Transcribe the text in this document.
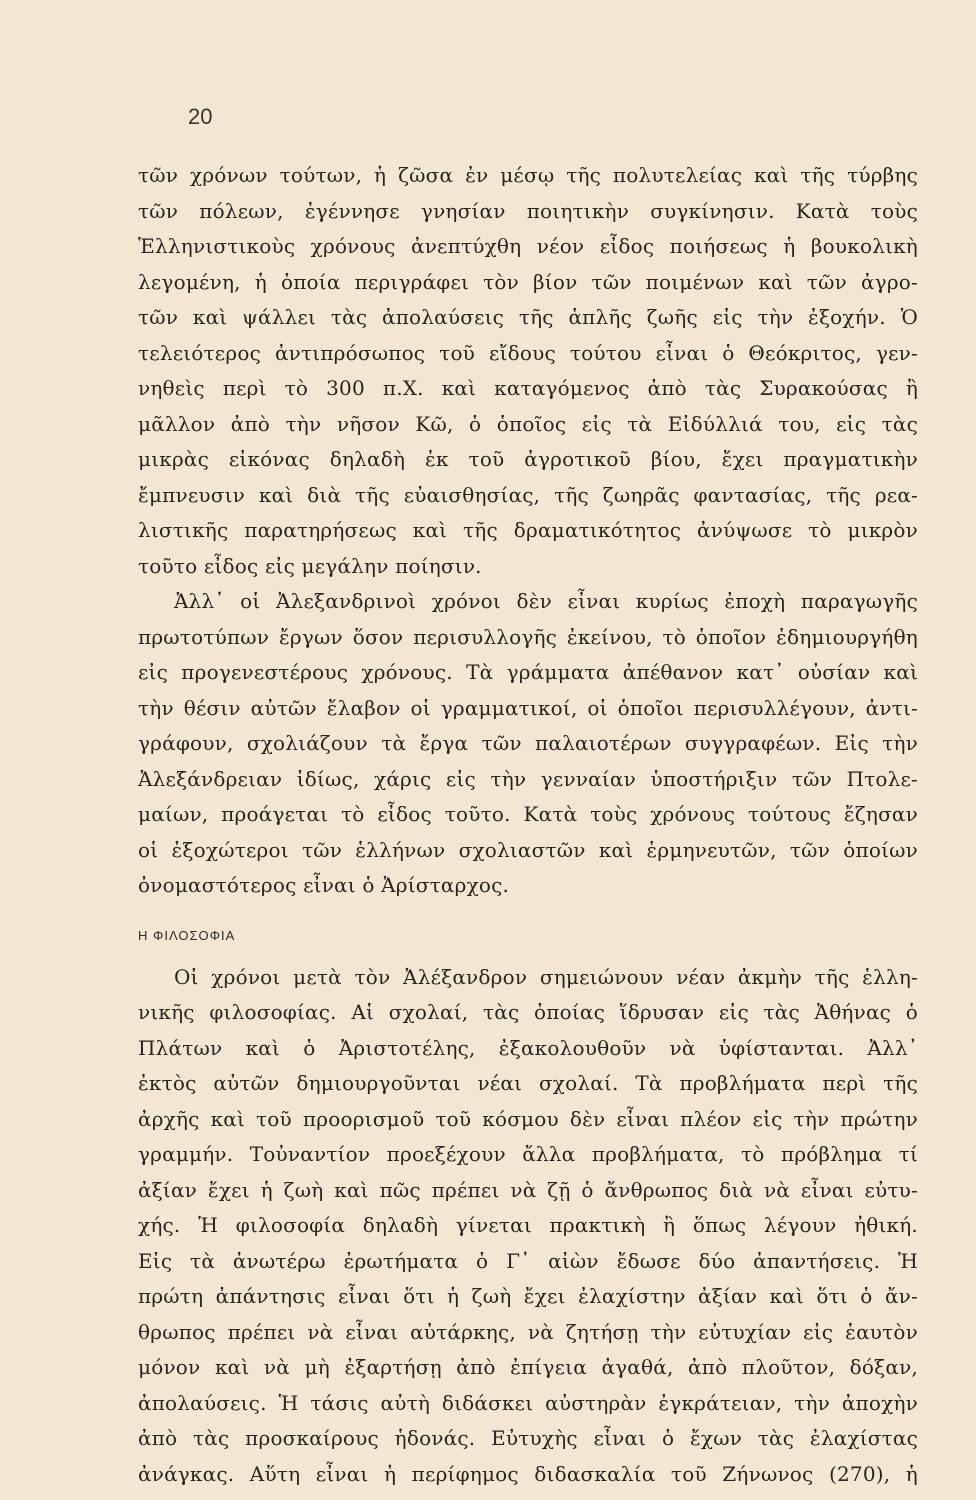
20
τῶν χρόνων τούτων, ἡ ζῶσα ἐν μέσῳ τῆς πολυτελείας καὶ τῆς τύρβης
τῶν πόλεων, ἐγέννησε γνησίαν ποιητικὴν συγκίνησιν. Κατὰ τοὺς
Ἑλληνιστικοὺς χρόνους ἀνεπτύχθη νέον εἶδος ποιήσεως ἡ βουκολικὴ
λεγομένη, ἡ ὁποία περιγράφει τὸν βίον τῶν ποιμένων καὶ τῶν ἀγρο-
τῶν καὶ ψάλλει τὰς ἀπολαύσεις τῆς ἁπλῆς ζωῆς εἰς τὴν ἐξοχήν. Ὁ
τελειότερος ἀντιπρόσωπος τοῦ εἴδους τούτου εἶναι ὁ Θεόκριτος, γεν-
νηθεὶς περὶ τὸ 300 π.Χ. καὶ καταγόμενος ἀπὸ τὰς Συρακούσας ἢ
μᾶλλον ἀπὸ τὴν νῆσον Κῶ, ὁ ὁποῖος εἰς τὰ Εἰδύλλιά του, εἰς τὰς
μικρὰς εἰκόνας δηλαδὴ ἐκ τοῦ ἀγροτικοῦ βίου, ἔχει πραγματικὴν
ἔμπνευσιν καὶ διὰ τῆς εὐαισθησίας, τῆς ζωηρᾶς φαντασίας, τῆς ρεα-
λιστικῆς παρατηρήσεως καὶ τῆς δραματικότητος ἀνύψωσε τὸ μικρὸν
τοῦτο εἶδος εἰς μεγάλην ποίησιν.
Ἀλλ᾽ οἱ Ἀλεξανδρινοὶ χρόνοι δὲν εἶναι κυρίως ἐποχὴ παραγωγῆς
πρωτοτύπων ἔργων ὅσον περισυλλογῆς ἐκείνου, τὸ ὁποῖον ἐδημιουργήθη
εἰς προγενεστέρους χρόνους. Τὰ γράμματα ἀπέθανον κατ᾽ οὐσίαν καὶ
τὴν θέσιν αὐτῶν ἔλαβον οἱ γραμματικοί, οἱ ὁποῖοι περισυλλέγουν, ἀντι-
γράφουν, σχολιάζουν τὰ ἔργα τῶν παλαιοτέρων συγγραφέων. Εἰς τὴν
Ἀλεξάνδρειαν ἰδίως, χάρις εἰς τὴν γενναίαν ὑποστήριξιν τῶν Πτολε-
μαίων, προάγεται τὸ εἶδος τοῦτο. Κατὰ τοὺς χρόνους τούτους ἔζησαν
οἱ ἐξοχώτεροι τῶν ἑλλήνων σχολιαστῶν καὶ ἑρμηνευτῶν, τῶν ὁποίων
ὀνομαστότερος εἶναι ὁ Ἀρίσταρχος.
Η ΦΙΛΟΣΟΦΙΑ
Οἱ χρόνοι μετὰ τὸν Ἀλέξανδρον σημειώνουν νέαν ἀκμὴν τῆς ἑλλη-
νικῆς φιλοσοφίας. Αἱ σχολαί, τὰς ὁποίας ἵδρυσαν εἰς τὰς Ἀθήνας ὁ
Πλάτων καὶ ὁ Ἀριστοτέλης, ἐξακολουθοῦν νὰ ὑφίστανται. Ἀλλ᾽
ἐκτὸς αὐτῶν δημιουργοῦνται νέαι σχολαί. Τὰ προβλήματα περὶ τῆς
ἀρχῆς καὶ τοῦ προορισμοῦ τοῦ κόσμου δὲν εἶναι πλέον εἰς τὴν πρώτην
γραμμήν. Τοὐναντίον προεξέχουν ἄλλα προβλήματα, τὸ πρόβλημα τί
ἀξίαν ἔχει ἡ ζωὴ καὶ πῶς πρέπει νὰ ζῇ ὁ ἄνθρωπος διὰ νὰ εἶναι εὐτυ-
χής. Ἡ φιλοσοφία δηλαδὴ γίνεται πρακτικὴ ἢ ὅπως λέγουν ἠθική.
Εἰς τὰ ἀνωτέρω ἐρωτήματα ὁ Γ᾽ αἰὼν ἔδωσε δύο ἀπαντήσεις. Ἡ
πρώτη ἀπάντησις εἶναι ὅτι ἡ ζωὴ ἔχει ἐλαχίστην ἀξίαν καὶ ὅτι ὁ ἄν-
θρωπος πρέπει νὰ εἶναι αὐτάρκης, νὰ ζητήσῃ τὴν εὐτυχίαν εἰς ἑαυτὸν
μόνον καὶ νὰ μὴ ἐξαρτήσῃ ἀπὸ ἐπίγεια ἀγαθά, ἀπὸ πλοῦτον, δόξαν,
ἀπολαύσεις. Ἡ τάσις αὐτὴ διδάσκει αὐστηρὰν ἐγκράτειαν, τὴν ἀποχὴν
ἀπὸ τὰς προσκαίρους ἡδονάς. Εὐτυχὴς εἶναι ὁ ἔχων τὰς ἐλαχίστας
ἀνάγκας. Αὕτη εἶναι ἡ περίφημος διδασκαλία τοῦ Ζήνωνος (270), ἡ
